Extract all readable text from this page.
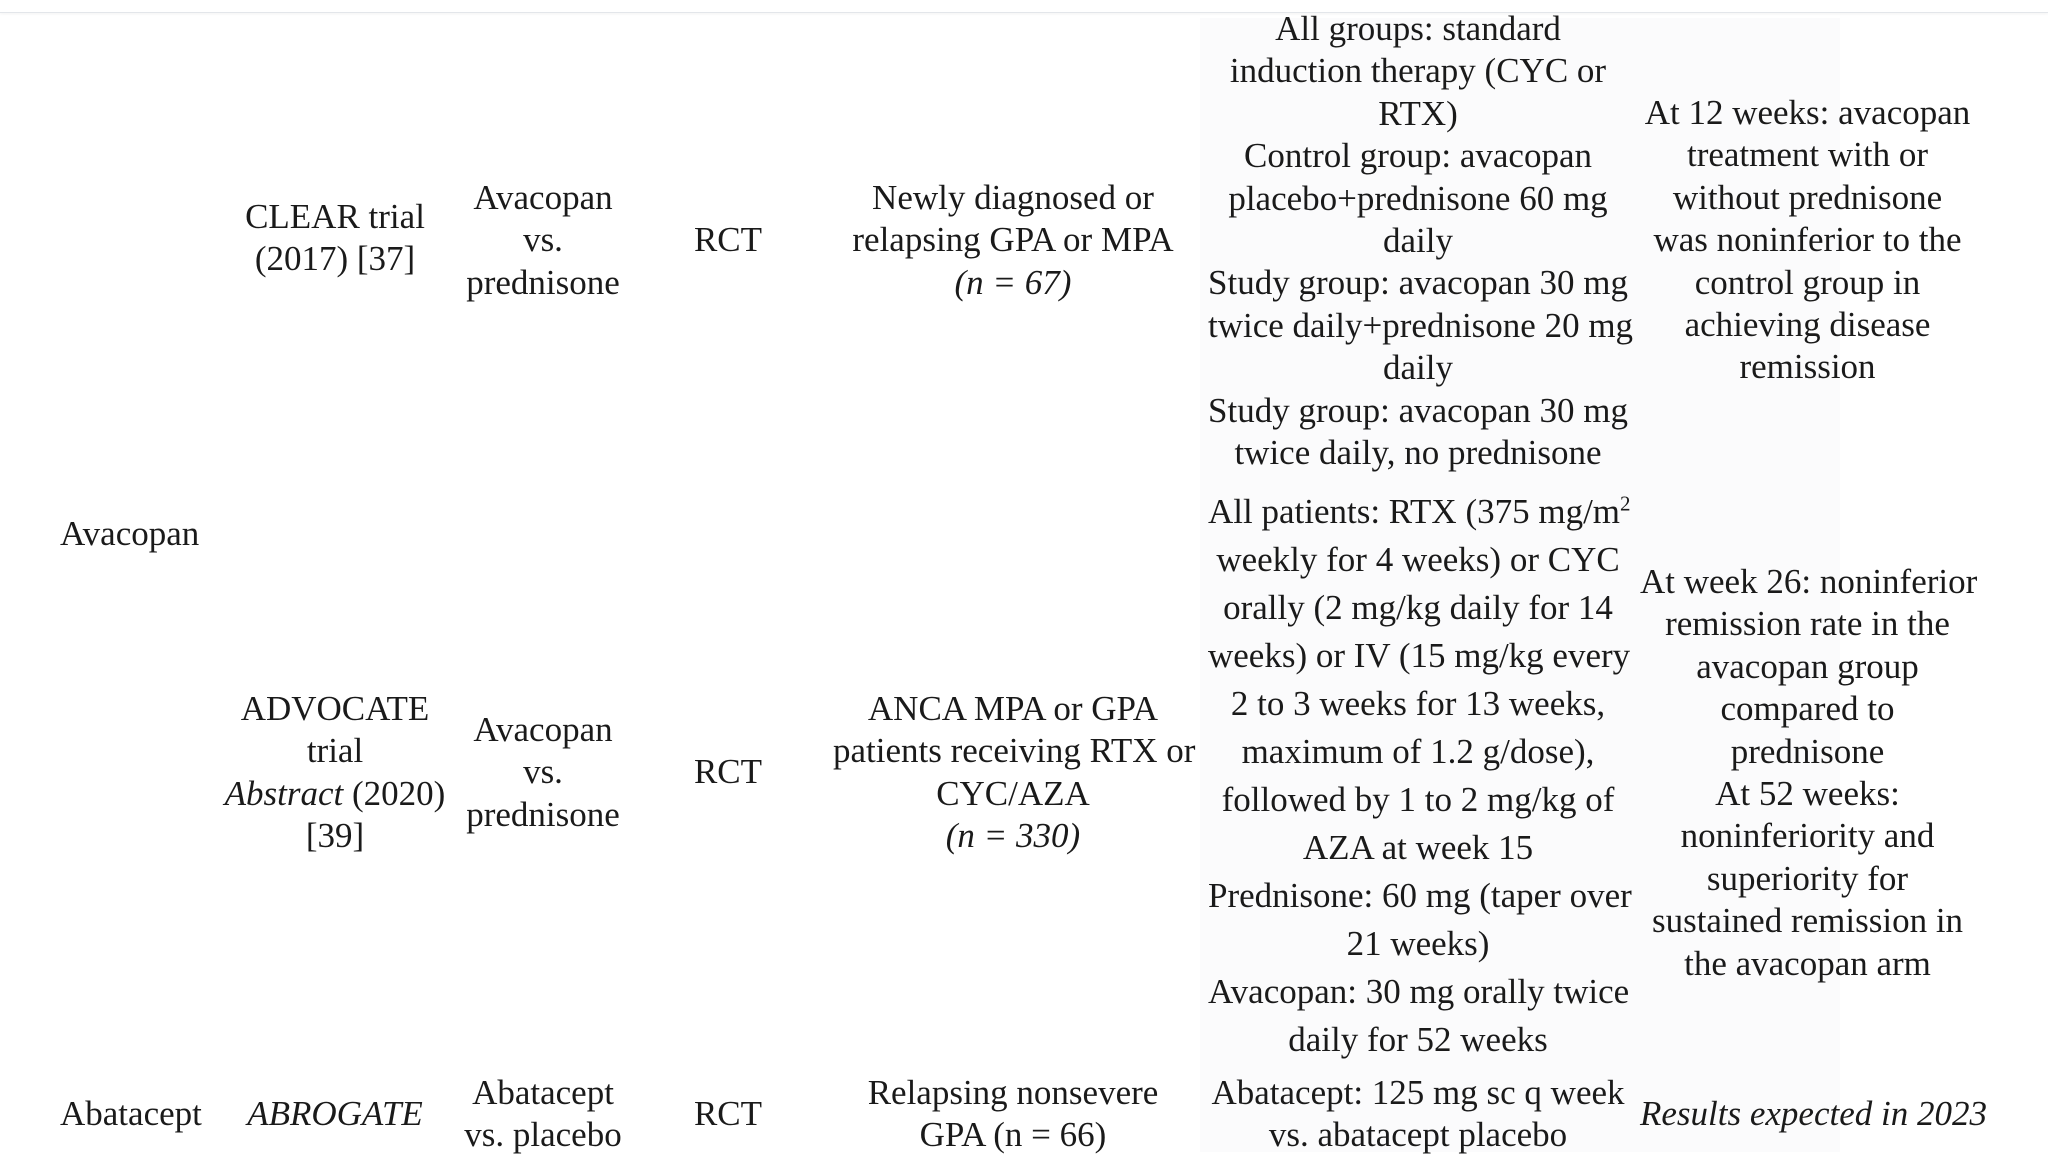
Avacopan
Abatacept
CLEAR trial
(2017) [37]
Avacopan
vs.
prednisone
RCT
Newly diagnosed or
relapsing GPA or MPA
(n = 67)
All groups: standard
induction therapy (CYC or
RTX)
Control group: avacopan
placebo+prednisone 60 mg
daily
Study group: avacopan 30 mg
twice daily+prednisone 20 mg
daily
Study group: avacopan 30 mg
twice daily, no prednisone
At 12 weeks: avacopan
treatment with or
without prednisone
was noninferior to the
control group in
achieving disease
remission
ADVOCATE
trial
Abstract (2020)
[39]
Avacopan
vs.
prednisone
RCT
ANCA MPA or GPA
patients receiving RTX or
CYC/AZA
(n = 330)
All patients: RTX (375 $mg/m^2$
weekly for 4 weeks) or CYC
orally (2 mg/kg daily for 14
weeks) or IV (15 mg/kg every
2 to 3 weeks for 13 weeks,
maximum of 1.2 g/dose),
followed by 1 to 2 mg/kg of
AZA at week 15
Prednisone: 60 mg (taper over
21 weeks)
Avacopan: 30 mg orally twice
daily for 52 weeks
At week 26: noninferior
remission rate in the
avacopan group
compared to
prednisone
At 52 weeks:
noninferiority and
superiority for
sustained remission in
the avacopan arm
ABROGATE
Abatacept
vs. placebo
RCT
Relapsing nonsevere
GPA (n = 66)
Abatacept: 125 mg sc q week
vs. abatacept placebo
Results expected in 2023
